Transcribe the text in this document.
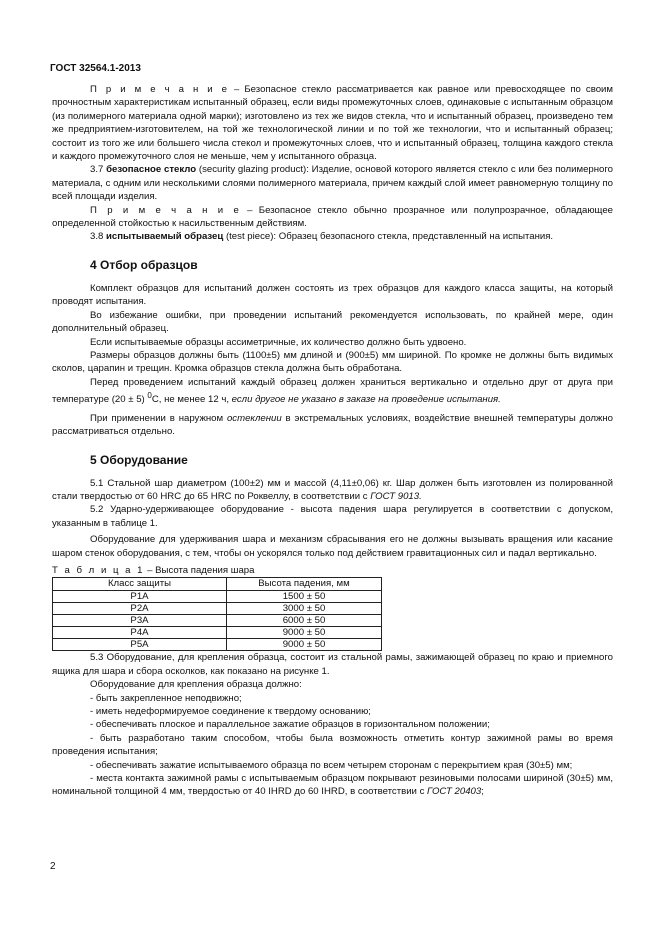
ГОСТ 32564.1-2013

П р и м е ч а н и е – Безопасное стекло рассматривается как равное или превосходящее по своим прочностным характеристикам испытанный образец, если виды промежуточных слоев, одинаковые с испытанным образцом (из полимерного материала одной марки); изготовлено из тех же видов стекла, что и испытанный образец, произведено тем же предприятием-изготовителем, на той же технологической линии и по той же технологии, что и испытанный образец; состоит из того же или большего числа стекол и промежуточных слоев, что и испытанный образец, толщина каждого стекла и каждого промежуточного слоя не меньше, чем у испытанного образца.

3.7 безопасное стекло (security glazing product): Изделие, основой которого является стекло с или без полимерного материала, с одним или несколькими слоями полимерного материала, причем каждый слой имеет равномерную толщину по всей площади изделия.

П р и м е ч а н и е – Безопасное стекло обычно прозрачное или полупрозрачное, обладающее определенной стойкостью к насильственным действиям.

3.8 испытываемый образец (test piece): Образец безопасного стекла, представленный на испытания.

4 Отбор образцов

Комплект образцов для испытаний должен состоять из трех образцов для каждого класса защиты, на который проводят испытания.

Во избежание ошибки, при проведении испытаний рекомендуется использовать, по крайней мере, один дополнительный образец.

Если испытываемые образцы ассиметричные, их количество должно быть удвоено.

Размеры образцов должны быть (1100±5) мм длиной и (900±5) мм шириной. По кромке не должны быть видимых сколов, царапин и трещин. Кромка образцов стекла должна быть обработана.

Перед проведением испытаний каждый образец должен храниться вертикально и отдельно друг от друга при температуре (20 ± 5) $^0$С, не менее 12 ч, если другое не указано в заказе на проведение испытания.

При применении в наружном остеклении в экстремальных условиях, воздействие внешней температуры должно рассматриваться отдельно.

5 Оборудование

5.1 Стальной шар диаметром (100±2) мм и массой (4,11±0,06) кг. Шар должен быть изготовлен из полированной стали твердостью от 60 HRC до 65 HRC по Роквеллу, в соответствии с ГОСТ 9013.

5.2 Ударно-удерживающее оборудование - высота падения шара регулируется в соответствии с допуском, указанным в таблице 1.

Оборудование для удерживания шара и механизм сбрасывания его не должны вызывать вращения или касание шаром стенок оборудования, с тем, чтобы он ускорялся только под действием гравитационных сил и падал вертикально.

Т а б л и ц а 1 – Высота падения шара

Класс защиты	Высота падения, мм
P1A	1500 ± 50
P2A	3000 ± 50
P3A	6000 ± 50
P4A	9000 ± 50
P5A	9000 ± 50

5.3 Оборудование, для крепления образца, состоит из стальной рамы, зажимающей образец по краю и приемного ящика для шара и сбора осколков, как показано на рисунке 1.

Оборудование для крепления образца должно:

- быть закрепленное неподвижно;

- иметь недеформируемое соединение к твердому основанию;

- обеспечивать плоское и параллельное зажатие образцов в горизонтальном положении;

- быть разработано таким способом, чтобы была возможность отметить контур зажимной рамы во время проведения испытания;

- обеспечивать зажатие испытываемого образца по всем четырем сторонам с перекрытием края (30±5) мм;

- места контакта зажимной рамы с испытываемым образцом покрывают резиновыми полосами шириной (30±5) мм, номинальной толщиной 4 мм, твердостью от 40 IHRD до 60 IHRD, в соответствии с ГОСТ 20403;

2
